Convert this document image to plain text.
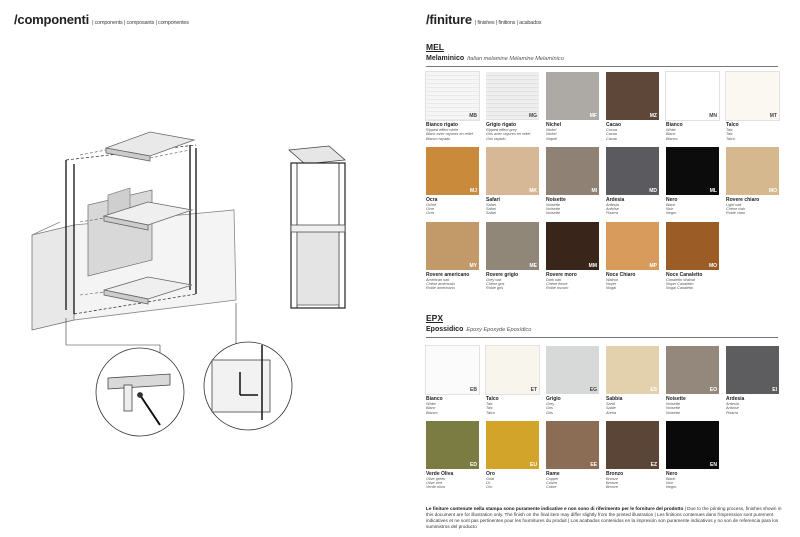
/componenti | components | composants | componentes	/finiture | finishes | finitions | acabados
MEL
Melaminico Italian melamine Mélamine Melamínico
MB
Bianco rigato
Ripped effect white
Blanc avec rayures en relief
Blanco rayado
MG
Grigio rigato
Ripped effect grey
Gris avec rayures en relief
Gris rayado
MF
Nichel
Nickel
Nickel
Níquel
MZ
Cacao
Cocoa
Cacao
Cacao
MN
Bianco
White
Blanc
Blanco
MT
Talco
Talc
Talc
Talco
MJ
Ocra
Ochre
Ocre
Ocre
MK
Safari
Safari
Safari
Safari
MI
Noisette
Noisette
Noisette
Noisette
MD
Ardesia
Ardesia
Ardoise
Pizarra
ML
Nero
Black
Noir
Negro
MO
Rovere chiaro
Light oak
Chêne clair
Roble claro
MY
Rovere americano
American oak
Chêne américain
Roble americano
ME
Rovere grigio
Grey oak
Chêne gris
Roble gris
MM
Rovere moro
Dark oak
Chêne foncé
Roble oscuro
MP
Noce Chiaro
Walnut
Noyer
Nogal
MO
Noce Canaletto
Canaletto Walnut
Noyer Canaletto
Nogal Canaletto
EPX
Epossidico Epoxy Epoxyde Epoxídico
EB
Bianco
White
Blanc
Blanco
ET
Talco
Talc
Talc
Talco
EG
Grigio
Grey
Gris
Gris
ES
Sabbia
Sand
Sable
Arena
EO
Noisette
Noisette
Noisette
Noisette
EI
Ardesia
Ardesia
Ardoise
Pizarra
ED
Verde Oliva
Olive green
Olive vert
Verde oliva
EU
Oro
Gold
Or
Oro
EE
Rame
Copper
Cuivre
Cobre
EZ
Bronzo
Bronze
Bronze
Bronce
EN
Nero
Black
Noir
Negro
Le finiture contenute nella stampa sono puramente indicative e non sono di riferimento per le forniture del prodotto | Due to the printing process, finishes shown in this document are for illustration only. The finish on the final item may differ slightly from the printed illustration | Les finitions contenues dans l'impression sont purement indicatives et ne sont pas pertinentes pour les fournitures du produit | Los acabados contenidos en la impresión son puramente indicativos y no son de referencia para los suministros del producto
